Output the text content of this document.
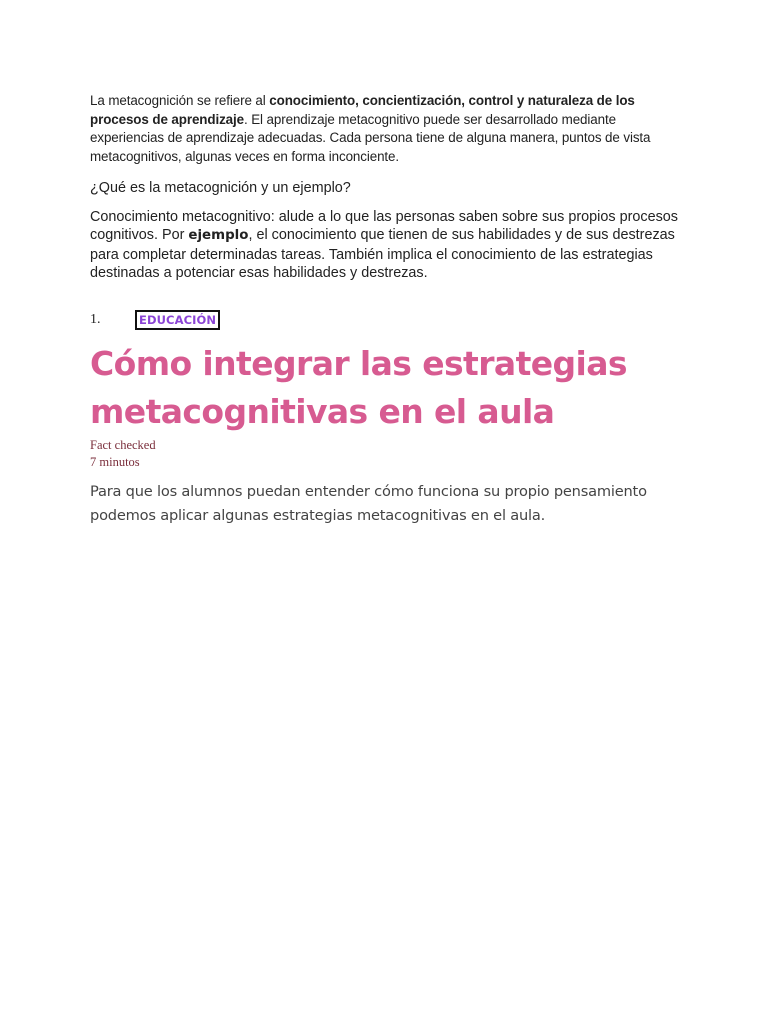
La metacognición se refiere al conocimiento, concientización, control y naturaleza de los procesos de aprendizaje. El aprendizaje metacognitivo puede ser desarrollado mediante experiencias de aprendizaje adecuadas. Cada persona tiene de alguna manera, puntos de vista metacognitivos, algunas veces en forma inconciente.

¿Qué es la metacognición y un ejemplo?

Conocimiento metacognitivo: alude a lo que las personas saben sobre sus propios procesos cognitivos. Por ejemplo, el conocimiento que tienen de sus habilidades y de sus destrezas para completar determinadas tareas. También implica el conocimiento de las estrategias destinadas a potenciar esas habilidades y destrezas.

1.	EDUCACIÓN
Cómo integrar las estrategias metacognitivas en el aula
Fact checked
7 minutos

Para que los alumnos puedan entender cómo funciona su propio pensamiento podemos aplicar algunas estrategias metacognitivas en el aula.
